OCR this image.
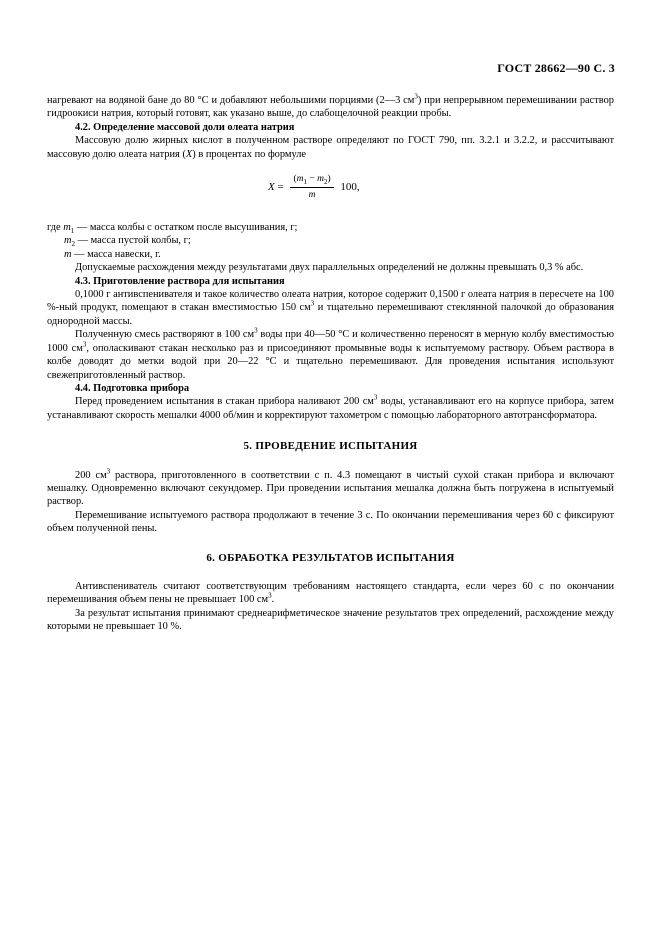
ГОСТ 28662—90 С. 3

нагревают на водяной бане до 80 °С и добавляют небольшими порциями (2—3 $см^3$) при непрерывном перемешивании раствор гидроокиси натрия, который готовят, как указано выше, до слабощелочной реакции пробы.

4.2. Определение массовой доли олеата натрия

Массовую долю жирных кислот в полученном растворе определяют по ГОСТ 790, пп. 3.2.1 и 3.2.2, и рассчитывают массовую долю олеата натрия (X) в процентах по формуле

$X = \frac{(m_1 - m_2)}{m} 100$,

где $m_1$ — масса колбы с остатком после высушивания, г;

$m_2$ — масса пустой колбы, г;

m — масса навески, г.

Допускаемые расхождения между результатами двух параллельных определений не должны превышать 0,3 % абс.

4.3. Приготовление раствора для испытания

0,1000 г антивспенивателя и такое количество олеата натрия, которое содержит 0,1500 г олеата натрия в пересчете на 100 %-ный продукт, помещают в стакан вместимостью 150 $см^3$ и тщательно перемешивают стеклянной палочкой до образования однородной массы.

Полученную смесь растворяют в 100 $см^3$ воды при 40—50 °С и количественно переносят в мерную колбу вместимостью 1000 $см^3$, ополаскивают стакан несколько раз и присоединяют промывные воды к испытуемому раствору. Объем раствора в колбе доводят до метки водой при 20—22 °С и тщательно перемешивают. Для проведения испытания используют свежеприготовленный раствор.

4.4. Подготовка прибора

Перед проведением испытания в стакан прибора наливают 200 $см^3$ воды, устанавливают его на корпусе прибора, затем устанавливают скорость мешалки 4000 об/мин и корректируют тахометром с помощью лабораторного автотрансформатора.

5. ПРОВЕДЕНИЕ ИСПЫТАНИЯ

200 $см^3$ раствора, приготовленного в соответствии с п. 4.3 помещают в чистый сухой стакан прибора и включают мешалку. Одновременно включают секундомер. При проведении испытания мешалка должна быть погружена в испытуемый раствор.

Перемешивание испытуемого раствора продолжают в течение 3 с. По окончании перемешивания через 60 с фиксируют объем полученной пены.

6. ОБРАБОТКА РЕЗУЛЬТАТОВ ИСПЫТАНИЯ

Антивспениватель считают соответствующим требованиям настоящего стандарта, если через 60 с по окончании перемешивания объем пены не превышает 100 $см^3$.

За результат испытания принимают среднеарифметическое значение результатов трех определений, расхождение между которыми не превышает 10 %.
